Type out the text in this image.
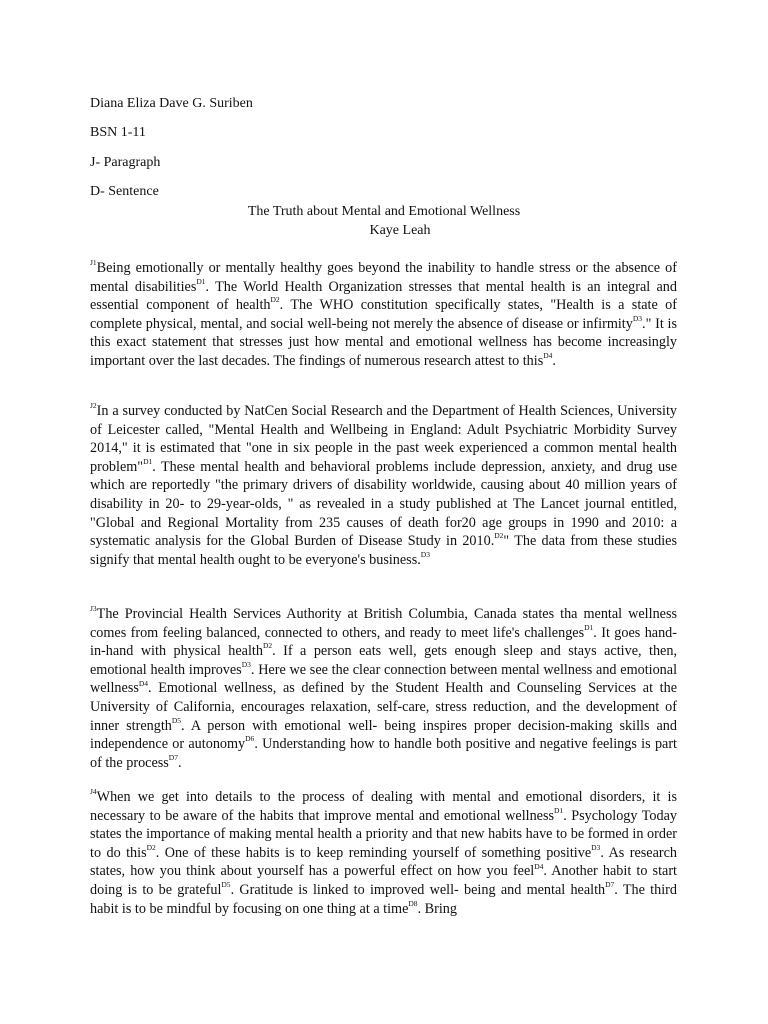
Diana Eliza Dave G. Suriben
BSN 1-11
J- Paragraph
D- Sentence
The Truth about Mental and Emotional Wellness
Kaye Leah

$^{J1}$Being emotionally or mentally healthy goes beyond the inability to handle stress or the absence of mental disabilities$^{D1}$. The World Health Organization stresses that mental health is an integral and essential component of health$^{D2}$. The WHO constitution specifically states, "Health is a state of complete physical, mental, and social well-being not merely the absence of disease or infirmity$^{D3}$." It is this exact statement that stresses just how mental and emotional wellness has become increasingly important over the last decades. The findings of numerous research attest to this$^{D4}$.

$^{J2}$In a survey conducted by NatCen Social Research and the Department of Health Sciences, University of Leicester called, "Mental Health and Wellbeing in England: Adult Psychiatric Morbidity Survey 2014," it is estimated that "one in six people in the past week experienced a common mental health problem"$^{D1}$. These mental health and behavioral problems include depression, anxiety, and drug use which are reportedly "the primary drivers of disability worldwide, causing about 40 million years of disability in 20- to 29-year-olds, " as revealed in a study published at The Lancet journal entitled, "Global and Regional Mortality from 235 causes of death for20 age groups in 1990 and 2010: a systematic analysis for the Global Burden of Disease Study in 2010.$^{D2}$" The data from these studies signify that mental health ought to be everyone's business.$^{D3}$

$^{J3}$The Provincial Health Services Authority at British Columbia, Canada states tha mental wellness comes from feeling balanced, connected to others, and ready to meet life's challenges$^{D1}$. It goes hand-in-hand with physical health$^{D2}$. If a person eats well, gets enough sleep and stays active, then, emotional health improves$^{D3}$. Here we see the clear connection between mental wellness and emotional wellness$^{D4}$. Emotional wellness, as defined by the Student Health and Counseling Services at the University of California, encourages relaxation, self-care, stress reduction, and the development of inner strength$^{D5}$. A person with emotional well- being inspires proper decision-making skills and independence or autonomy$^{D6}$. Understanding how to handle both positive and negative feelings is part of the process$^{D7}$.

$^{J4}$When we get into details to the process of dealing with mental and emotional disorders, it is necessary to be aware of the habits that improve mental and emotional wellness$^{D1}$. Psychology Today states the importance of making mental health a priority and that new habits have to be formed in order to do this$^{D2}$. One of these habits is to keep reminding yourself of something positive$^{D3}$. As research states, how you think about yourself has a powerful effect on how you feel$^{D4}$. Another habit to start doing is to be grateful$^{D5}$. Gratitude is linked to improved well- being and mental health$^{D7}$. The third habit is to be mindful by focusing on one thing at a time$^{D8}$. Bring
